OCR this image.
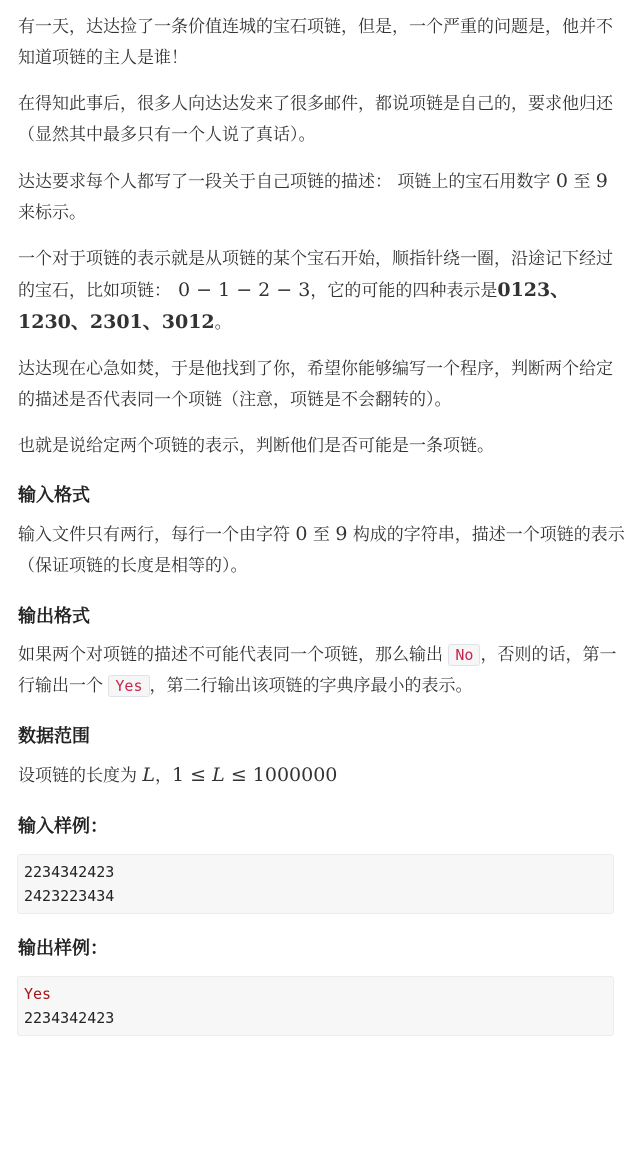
有一天，达达捡了一条价值连城的宝石项链，但是，一个严重的问题是，他并不知道项链的主人是谁！

在得知此事后，很多人向达达发来了很多邮件，都说项链是自己的，要求他归还（显然其中最多只有一个人说了真话）。

达达要求每个人都写了一段关于自己项链的描述： 项链上的宝石用数字 0 至 9 来标示。

一个对于项链的表示就是从项链的某个宝石开始，顺指针绕一圈，沿途记下经过的宝石，比如项链： 0 − 1 − 2 − 3，它的可能的四种表示是0123、1230、2301、3012。

达达现在心急如焚，于是他找到了你，希望你能够编写一个程序，判断两个给定的描述是否代表同一个项链（注意，项链是不会翻转的）。

也就是说给定两个项链的表示，判断他们是否可能是一条项链。

输入格式

输入文件只有两行，每行一个由字符 0 至 9 构成的字符串，描述一个项链的表示（保证项链的长度是相等的）。

输出格式

如果两个对项链的描述不可能代表同一个项链，那么输出 No ，否则的话，第一行输出一个 Yes ，第二行输出该项链的字典序最小的表示。

数据范围

设项链的长度为 L，1 ≤ L ≤ 1000000

输入样例：
2234342423
2423223434
输出样例：
Yes
2234342423
